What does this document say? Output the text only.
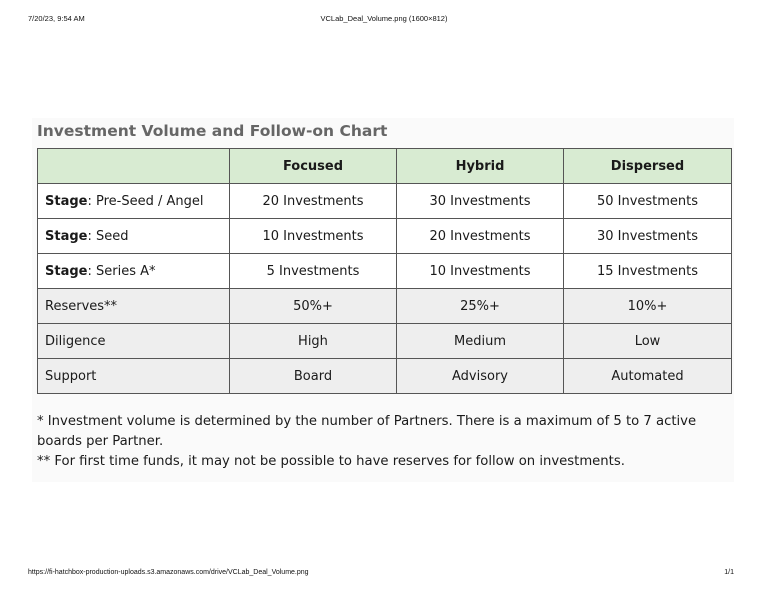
7/20/23, 9:54 AM	VCLab_Deal_Volume.png (1600×812)
Investment Volume and Follow-on Chart
	Focused	Hybrid	Dispersed
Stage: Pre-Seed / Angel	20 Investments	30 Investments	50 Investments
Stage: Seed	10 Investments	20 Investments	30 Investments
Stage: Series A*	5 Investments	10 Investments	15 Investments
Reserves**	50%+	25%+	10%+
Diligence	High	Medium	Low
Support	Board	Advisory	Automated

* Investment volume is determined by the number of Partners. There is a maximum of 5 to 7 active boards per Partner.

** For first time funds, it may not be possible to have reserves for follow on investments.

https://fi-hatchbox-production-uploads.s3.amazonaws.com/drive/VCLab_Deal_Volume.png	1/1
